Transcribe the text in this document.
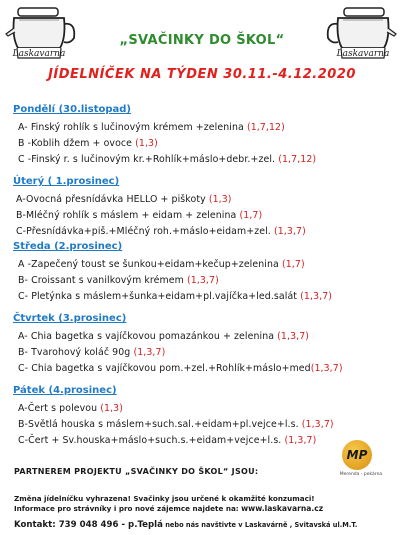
Laskavarna	Laskavarna
„SVAČINKY DO ŠKOL“
JÍDELNÍČEK NA TÝDEN 30.11.-4.12.2020
Pondělí (30.listopad)
A- Finský rohlík s lučinovým krémem +zelenina (1,7,12)
B -Koblih džem + ovoce (1,3)
C -Finský r. s lučinovým kr.+Rohlík+máslo+debr.+zel. (1,7,12)
Úterý ( 1.prosinec)
A-Ovocná přesnídávka HELLO + piškoty (1,3)
B-Mléčný rohlík s máslem + eidam + zelenina (1,7)
C-Přesnídávka+piš.+Mléčný roh.+máslo+eidam+zel. (1,3,7)
Středa (2.prosinec)
A -Zapečený toust se šunkou+eidam+kečup+zelenina (1,7)
B- Croissant s vanilkovým krémem (1,3,7)
C- Pletýnka s máslem+šunka+eidam+pl.vajíčka+led.salát (1,3,7)
Čtvrtek (3.prosinec)
A- Chia bagetka s vajíčkovou pomazánkou + zelenina (1,3,7)
B- Tvarohový koláč 90g (1,3,7)
C- Chia bagetka s vajíčkovou pom.+zel.+Rohlík+máslo+med(1,3,7)
Pátek (4.prosinec)
A-Čert s polevou (1,3)
B-Světlá houska s máslem+such.sal.+eidam+pl.vejce+l.s. (1,3,7)
C-Čert + Sv.houska+máslo+such.s.+eidam+vejce+l.s. (1,3,7)
PARTNEREM PROJEKTU „SVAČINKY DO ŠKOL“ JSOU:
MP
Merenda - pekárna
Změna jídelníčku vyhrazena! Svačinky jsou určené k okamžité konzumaci!
Informace pro strávníky i pro nové zájemce najdete na: www.laskavarna.cz
Kontakt: 739 048 496 - p.Teplá nebo nás navštivte v Laskavárně , Svitavská ul.M.T.
